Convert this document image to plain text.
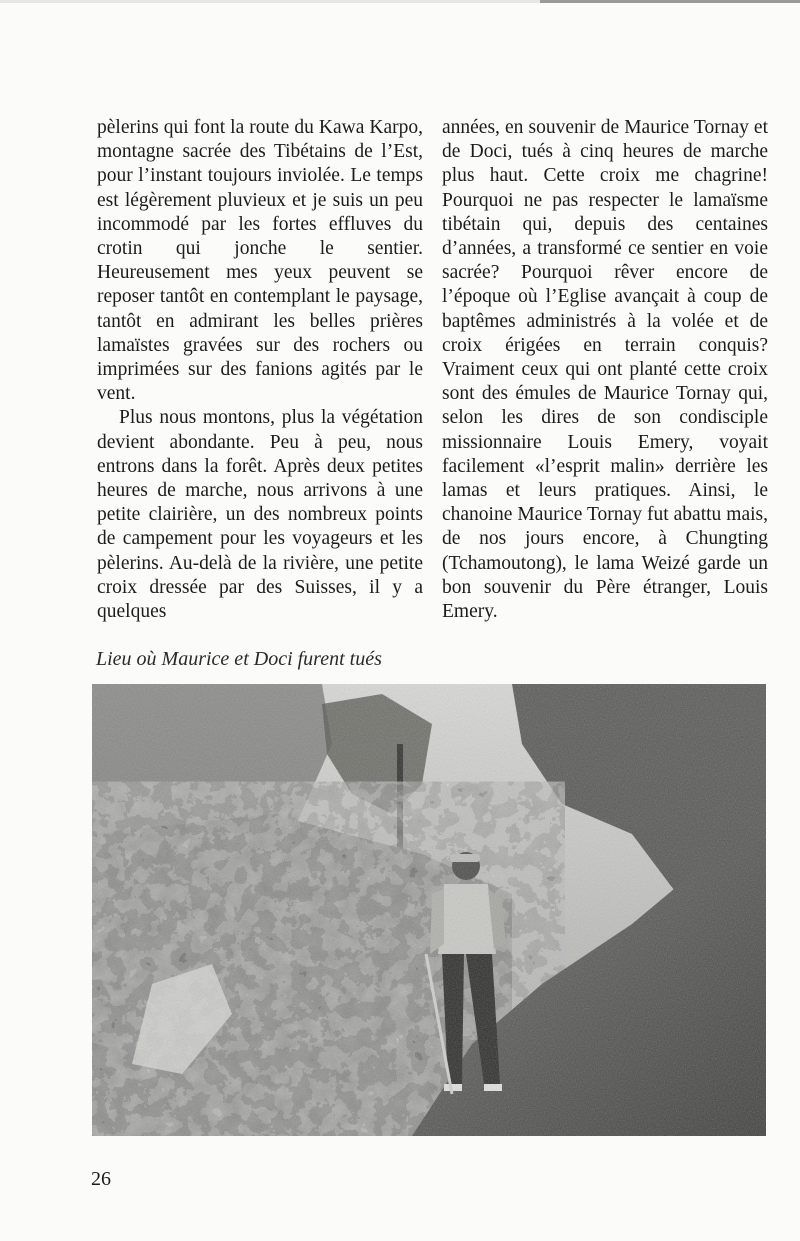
pèlerins qui font la route du Kawa Karpo, montagne sacrée des Tibétains de l’Est, pour l’instant toujours inviolée. Le temps est légèrement pluvieux et je suis un peu incommodé par les fortes effluves du crotin qui jonche le sentier. Heureusement mes yeux peuvent se reposer tantôt en contemplant le paysage, tantôt en admirant les belles prières lamaïstes gravées sur des rochers ou imprimées sur des fanions agités par le vent.

Plus nous montons, plus la végétation devient abondante. Peu à peu, nous entrons dans la forêt. Après deux petites heures de marche, nous arrivons à une petite clairière, un des nombreux points de campement pour les voyageurs et les pèlerins. Au-delà de la rivière, une petite croix dressée par des Suisses, il y a quelques

années, en souvenir de Maurice Tornay et de Doci, tués à cinq heures de marche plus haut. Cette croix me chagrine! Pourquoi ne pas respecter le lamaïsme tibétain qui, depuis des centaines d’années, a transformé ce sentier en voie sacrée? Pourquoi rêver encore de l’époque où l’Eglise avançait à coup de baptêmes administrés à la volée et de croix érigées en terrain conquis? Vraiment ceux qui ont planté cette croix sont des émules de Maurice Tornay qui, selon les dires de son condisciple missionnaire Louis Emery, voyait facilement «l’esprit malin» derrière les lamas et leurs pratiques. Ainsi, le chanoine Maurice Tornay fut abattu mais, de nos jours encore, à Chungting (Tchamoutong), le lama Weizé garde un bon souvenir du Père étranger, Louis Emery.

Lieu où Maurice et Doci furent tués
26
